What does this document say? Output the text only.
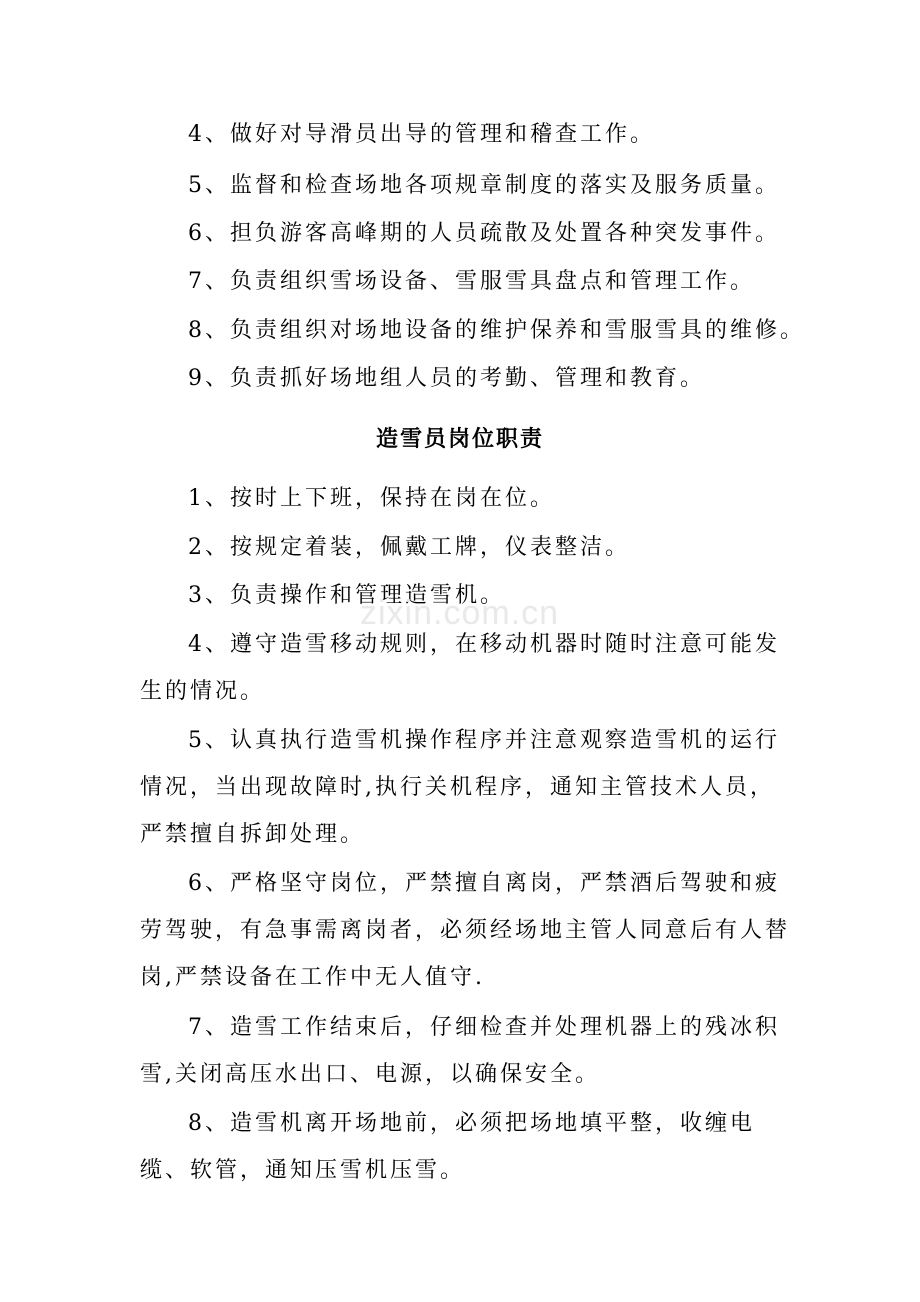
4、做好对导滑员出导的管理和稽查工作。

5、监督和检查场地各项规章制度的落实及服务质量。

6、担负游客高峰期的人员疏散及处置各种突发事件。

7、负责组织雪场设备、雪服雪具盘点和管理工作。

8、负责组织对场地设备的维护保养和雪服雪具的维修。

9、负责抓好场地组人员的考勤、管理和教育。

造雪员岗位职责

1、按时上下班，保持在岗在位。

2、按规定着装，佩戴工牌，仪表整洁。

3、负责操作和管理造雪机。

4、遵守造雪移动规则，在移动机器时随时注意可能发生的情况。

5、认真执行造雪机操作程序并注意观察造雪机的运行情况，当出现故障时,执行关机程序，通知主管技术人员，严禁擅自拆卸处理。

6、严格坚守岗位，严禁擅自离岗，严禁酒后驾驶和疲劳驾驶，有急事需离岗者，必须经场地主管人同意后有人替岗,严禁设备在工作中无人值守.

7、造雪工作结束后，仔细检查并处理机器上的残冰积雪,关闭高压水出口、电源，以确保安全。

8、造雪机离开场地前，必须把场地填平整，收缠电缆、软管，通知压雪机压雪。

zixin.com.cn
